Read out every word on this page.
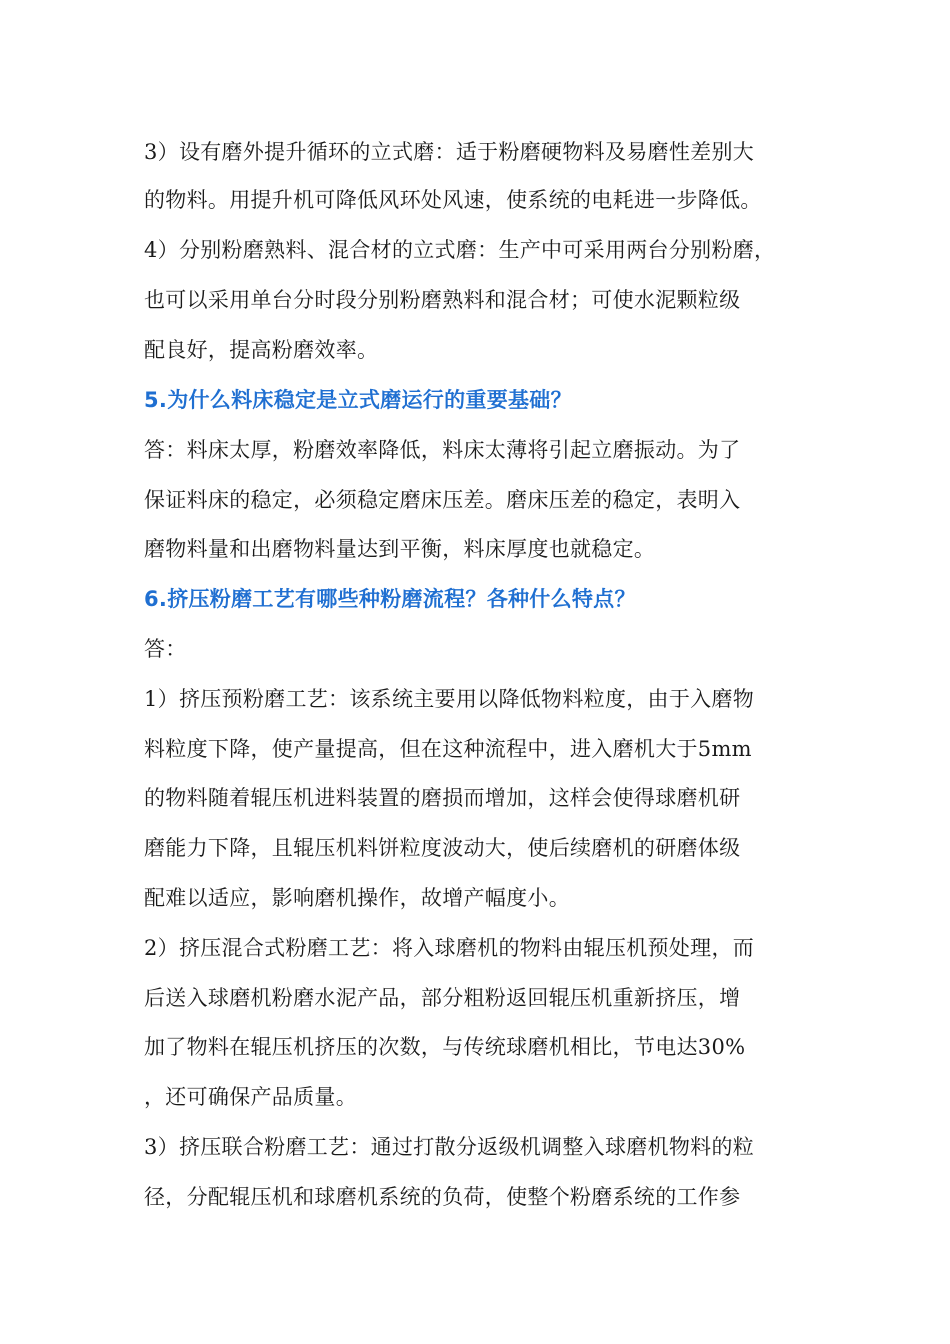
3）设有磨外提升循环的立式磨：适于粉磨硬物料及易磨性差别大
的物料。用提升机可降低风环处风速，使系统的电耗进一步降低。
4）分别粉磨熟料、混合材的立式磨：生产中可采用两台分别粉磨，
也可以采用单台分时段分别粉磨熟料和混合材；可使水泥颗粒级
配良好，提高粉磨效率。
5.为什么料床稳定是立式磨运行的重要基础？
答：料床太厚，粉磨效率降低，料床太薄将引起立磨振动。为了
保证料床的稳定，必须稳定磨床压差。磨床压差的稳定，表明入
磨物料量和出磨物料量达到平衡，料床厚度也就稳定。
6.挤压粉磨工艺有哪些种粉磨流程？各种什么特点？
答：
1）挤压预粉磨工艺：该系统主要用以降低物料粒度，由于入磨物
料粒度下降，使产量提高，但在这种流程中，进入磨机大于5mm
的物料随着辊压机进料装置的磨损而增加，这样会使得球磨机研
磨能力下降，且辊压机料饼粒度波动大，使后续磨机的研磨体级
配难以适应，影响磨机操作，故增产幅度小。
2）挤压混合式粉磨工艺：将入球磨机的物料由辊压机预处理，而
后送入球磨机粉磨水泥产品，部分粗粉返回辊压机重新挤压，增
加了物料在辊压机挤压的次数，与传统球磨机相比，节电达30%
，还可确保产品质量。
3）挤压联合粉磨工艺：通过打散分返级机调整入球磨机物料的粒
径，分配辊压机和球磨机系统的负荷，使整个粉磨系统的工作参
